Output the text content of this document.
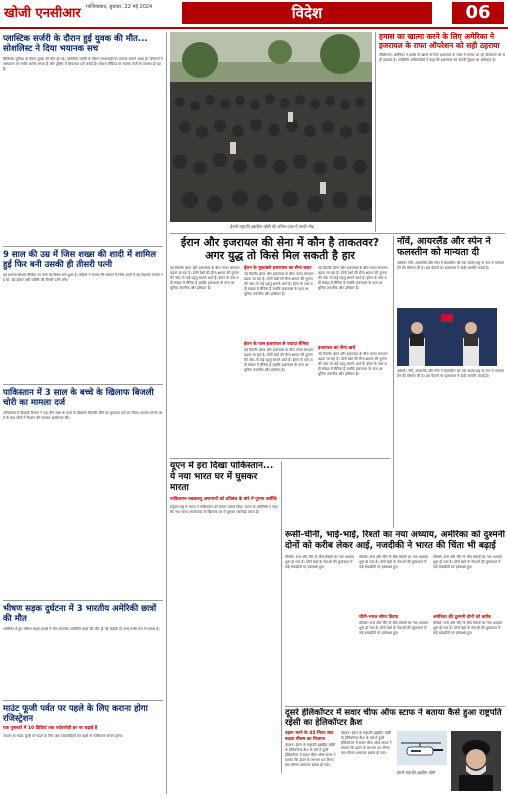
खोजी एनसीआर गाजियाबाद, बुधवार, 22 मई 2024	विदेश	06
प्लास्टिक सर्जरी के दौरान हुई युवक की मौत... सोशलिस्ट ने दिया भयानक सच
चिकित्सा सुविधा के दौरान युवक की मौत हो गई। प्लास्टिक सर्जरी के दौरान लापरवाही का मामला सामने आया है। परिजनों ने अस्पताल पर गंभीर आरोप लगाए हैं और पुलिस में शिकायत दर्ज कराई है। सोशल मीडिया पर मामला तेजी से वायरल हो रहा है।
9 साल की उम्र में जिस शख्स की शादी में शामिल हुई फिर बनी उसकी ही तीसरी पत्नी
यह मामला सोशल मीडिया पर चर्चा का विषय बना हुआ है। महिला ने बताया कि बचपन में जिस शादी में वह मेहमान बनकर गई थी, बड़े होकर उसी व्यक्ति की तीसरी पत्नी बनी।
पाकिस्तान में 3 साल के बच्चे के खिलाफ बिजली चोरी का मामला दर्ज
पाकिस्तान में बिजली विभाग ने एक तीन साल के बच्चे के खिलाफ बिजली चोरी का मुकदमा दर्ज कर दिया। मामला सामने आने के बाद लोगों ने विभाग की जमकर आलोचना की।
भीषण सड़क दुर्घटना में 3 भारतीय अमेरिकी छात्रों की मौत
अमेरिका में हुए भीषण सड़क हादसे में तीन भारतीय अमेरिकी छात्रों की मौत हो गई जबकि दो अन्य गंभीर रूप से घायल हैं।
माउंट फूजी पर्वत पर पहले के लिए कराना होगा रजिस्ट्रेशन
एक पुस्तकों में 10 डिग्रियां तक पर्वतारोही हर पर चढ़ाई है
जापान के माउंट फूजी पर चढ़ने के लिए अब पर्वतारोहियों को पहले से पंजीकरण कराना होगा।
ईरानी राष्ट्रपति इब्राहिम रईसी की अंतिम यात्रा में उमड़ी भीड़
हमास का खात्मा करने के लिए अमेरिका ने इजरायल के राफा ऑपरेशन को सही ठहराया
वॉशिंगटन। अमेरिका ने हमास के खात्मे के लिए इजरायल के राफा में चलाए जा रहे ऑपरेशन को सही ठहराया है। अमेरिकी अधिकारियों ने कहा कि इजरायल को अपनी सुरक्षा का अधिकार है।
ईरान और इजरायल की सेना में कौन है ताकतवर? अगर युद्ध तो किसे मिल सकती है हार
नई दिल्ली। ईरान और इजरायल के बीच तनाव लगातार बढ़ता जा रहा है। दोनों देशों की सैन्य क्षमता की तुलना की जाए तो कई पहलू सामने आते हैं। ईरान के पास बड़ी संख्या में सैनिक हैं जबकि इजरायल के पास आधुनिक तकनीक और हथियार हैं।
ईरान के मुकाबले इजरायल का सैन्य बजट
नई दिल्ली। ईरान और इजरायल के बीच तनाव लगातार बढ़ता जा रहा है। दोनों देशों की सैन्य क्षमता की तुलना की जाए तो कई पहलू सामने आते हैं। ईरान के पास बड़ी संख्या में सैनिक हैं जबकि इजरायल के पास आधुनिक तकनीक और हथियार हैं।
ईरान के पास इजरायल से ज्यादा सैनिक
नई दिल्ली। ईरान और इजरायल के बीच तनाव लगातार बढ़ता जा रहा है। दोनों देशों की सैन्य क्षमता की तुलना की जाए तो कई पहलू सामने आते हैं। ईरान के पास बड़ी संख्या में सैनिक हैं जबकि इजरायल के पास आधुनिक तकनीक और हथियार हैं।
नई दिल्ली। ईरान और इजरायल के बीच तनाव लगातार बढ़ता जा रहा है। दोनों देशों की सैन्य क्षमता की तुलना की जाए तो कई पहलू सामने आते हैं। ईरान के पास बड़ी संख्या में सैनिक हैं जबकि इजरायल के पास आधुनिक तकनीक और हथियार हैं।
इजरायल का सैन्य खर्च
नई दिल्ली। ईरान और इजरायल के बीच तनाव लगातार बढ़ता जा रहा है। दोनों देशों की सैन्य क्षमता की तुलना की जाए तो कई पहलू सामने आते हैं। ईरान के पास बड़ी संख्या में सैनिक हैं जबकि इजरायल के पास आधुनिक तकनीक और हथियार हैं।
नॉर्वे, आयरलैंड और स्पेन ने फलस्तीन को मान्यता दी
ओस्लो। नॉर्वे, आयरलैंड और स्पेन ने फलस्तीन को एक स्वतंत्र राष्ट्र के रूप में मान्यता देने की घोषणा की है। इस फैसले पर इजरायल ने कड़ी आपत्ति जताई है।
ओस्लो। नॉर्वे, आयरलैंड और स्पेन ने फलस्तीन को एक स्वतंत्र राष्ट्र के रूप में मान्यता देने की घोषणा की है। इस फैसले पर इजरायल ने कड़ी आपत्ति जताई है।
यूएन में इरा दिखा पाकिस्तान... ये नया भारत घर में घुसकर मारता
पाकिस्तान-रखवाल्यू अफगानों को प्रतिबंध के बारे में पुराना क्योंकि
संयुक्त राष्ट्र में भारत ने पाकिस्तान को करारा जवाब दिया। भारत के प्रतिनिधि ने कहा कि नया भारत आतंकवाद के खिलाफ घर में घुसकर कार्रवाई करता है।
रूसी-चीनी, भाई-भाई, रिश्तों का नया अध्याय, अमेरिका को दुश्मनी दोनों को करीब लेकर आई, नजदीकी ने भारत की चिंता भी बढ़ाई
मॉस्को। रूस और चीन के बीच संबंधों का नया अध्याय शुरू हो गया है। दोनों देशों के नेताओं की मुलाकात में कई समझौतों पर हस्ताक्षर हुए।
मॉस्को। रूस और चीन के बीच संबंधों का नया अध्याय शुरू हो गया है। दोनों देशों के नेताओं की मुलाकात में कई समझौतों पर हस्ताक्षर हुए।
चीनी-भारत सीमा विवाद
मॉस्को। रूस और चीन के बीच संबंधों का नया अध्याय शुरू हो गया है। दोनों देशों के नेताओं की मुलाकात में कई समझौतों पर हस्ताक्षर हुए।
मॉस्को। रूस और चीन के बीच संबंधों का नया अध्याय शुरू हो गया है। दोनों देशों के नेताओं की मुलाकात में कई समझौतों पर हस्ताक्षर हुए।
अमेरिका की दुश्मनी दोनों को करीब
मॉस्को। रूस और चीन के बीच संबंधों का नया अध्याय शुरू हो गया है। दोनों देशों के नेताओं की मुलाकात में कई समझौतों पर हस्ताक्षर हुए।
दूसरे हेलिकॉप्टर में सवार चीफ ऑफ स्टाफ ने बताया कैसे हुआ राष्ट्रपति रईसी का हेलिकॉप्टर क्रैश
उड़ान भरने के 45 मिनट बाद बदला मौसम का मिजाज
तेहरान। ईरान के राष्ट्रपति इब्राहिम रईसी के हेलिकॉप्टर क्रैश के बारे में दूसरे हेलिकॉप्टर में सवार चीफ ऑफ स्टाफ ने बताया कि उड़ान के लगभग 45 मिनट बाद मौसम अचानक खराब हो गया।
तेहरान। ईरान के राष्ट्रपति इब्राहिम रईसी के हेलिकॉप्टर क्रैश के बारे में दूसरे हेलिकॉप्टर में सवार चीफ ऑफ स्टाफ ने बताया कि उड़ान के लगभग 45 मिनट बाद मौसम अचानक खराब हो गया।
ईरानी राष्ट्रपति इब्राहिम रईसी
